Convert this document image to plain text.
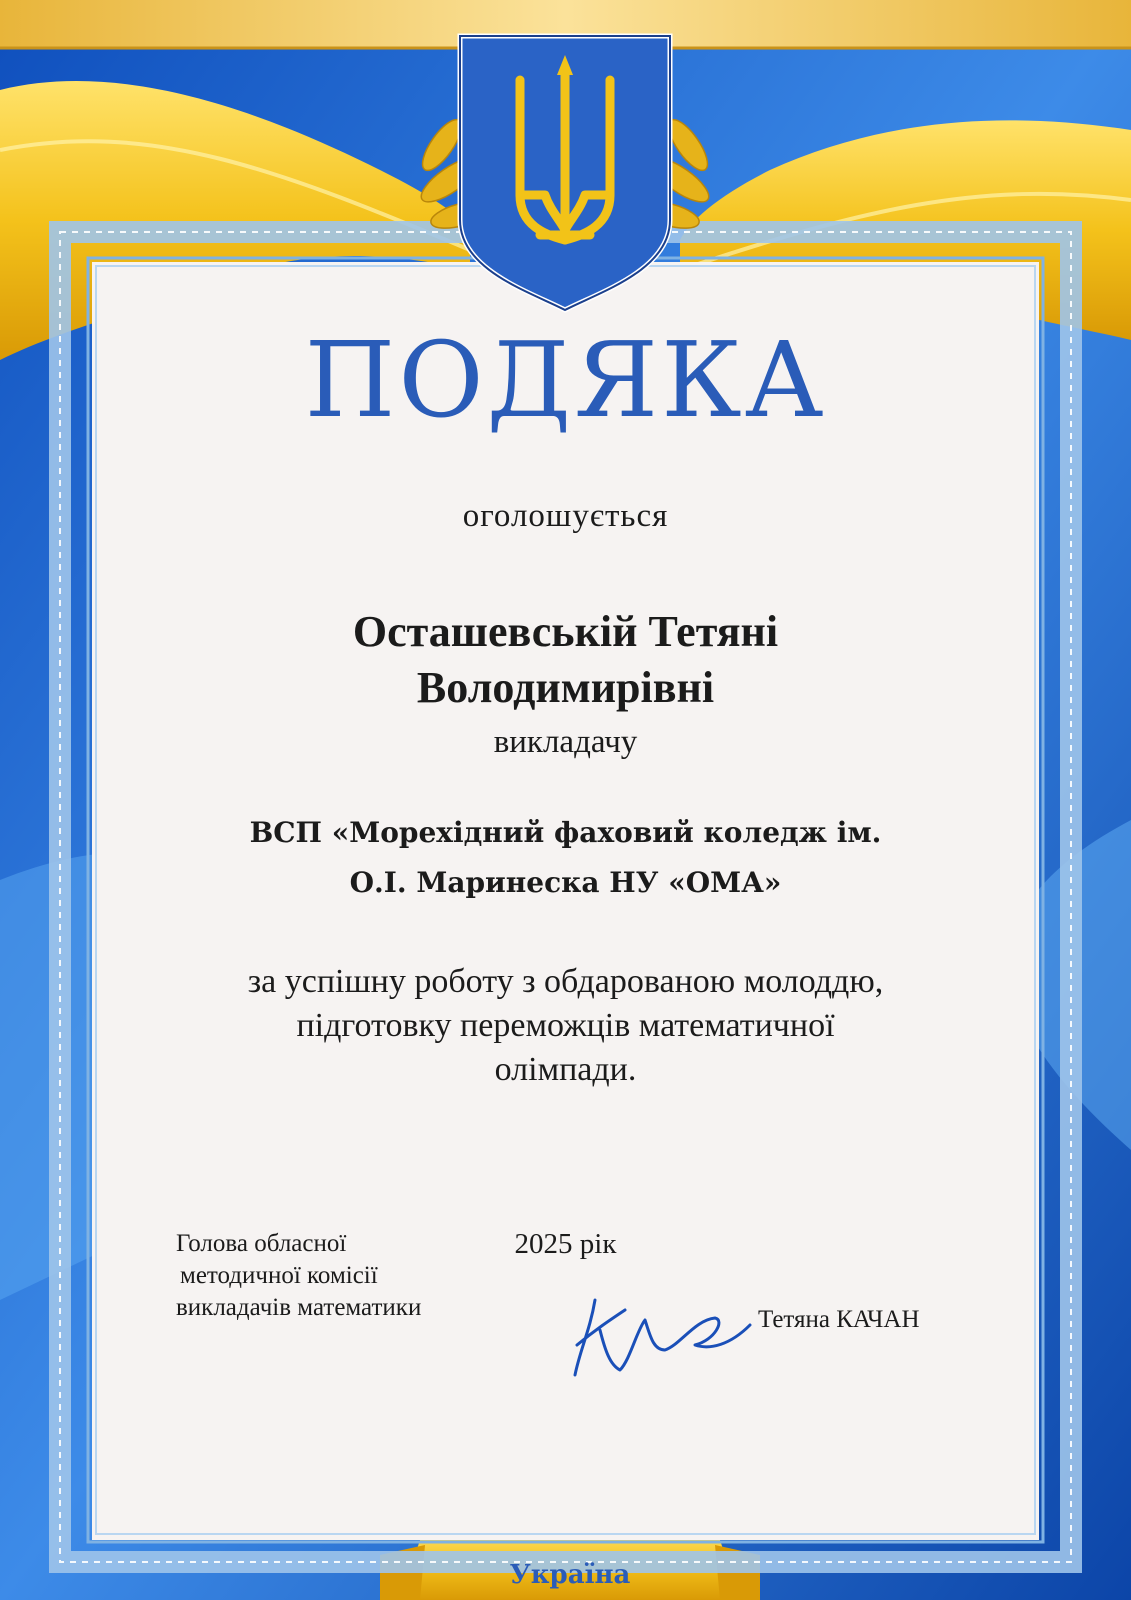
ПОДЯКА
оголошується
Осташевській Тетяні
Володимирівні
викладачу
ВСП «Мореxідний фаховий коледж ім.
О.І. Маринеска НУ «ОМА»
за успішну роботу з обдарованою молоддю,
підготовку переможців математичної
олімпади.
Голова обласної
методичної комісії
викладачів математики	Тетяна КАЧАН
2025 рік
Україна
